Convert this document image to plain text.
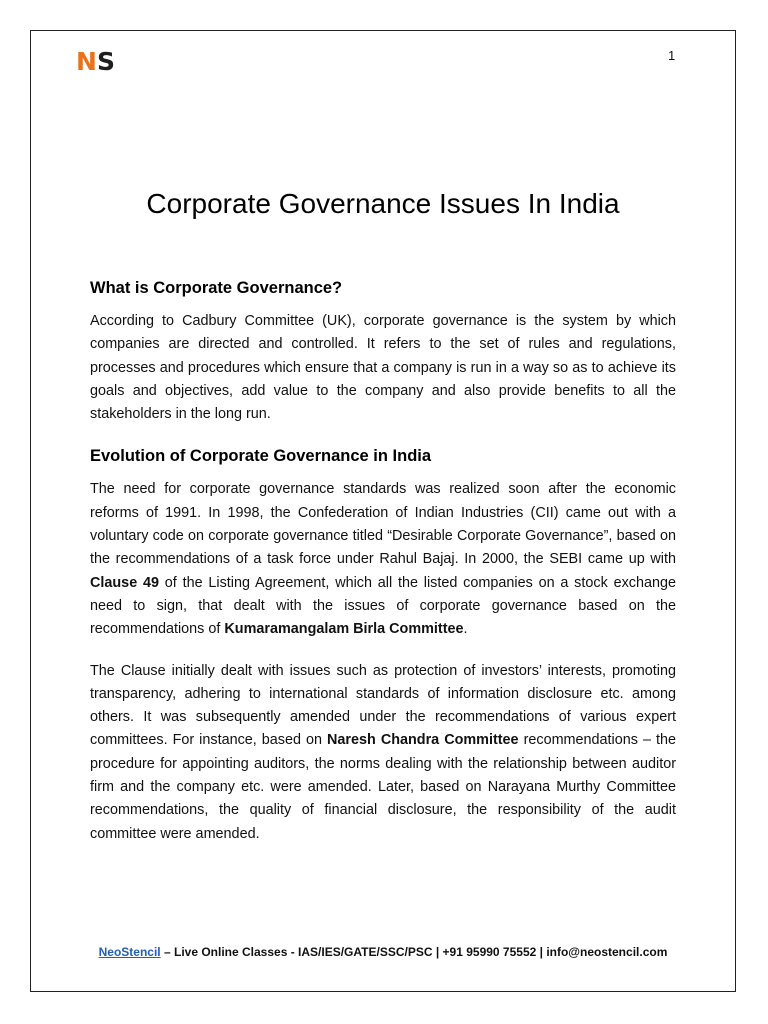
NS	1
Corporate Governance Issues In India
What is Corporate Governance?

According to Cadbury Committee (UK), corporate governance is the system by which companies are directed and controlled. It refers to the set of rules and regulations, processes and procedures which ensure that a company is run in a way so as to achieve its goals and objectives, add value to the company and also provide benefits to all the stakeholders in the long run.

Evolution of Corporate Governance in India

The need for corporate governance standards was realized soon after the economic reforms of 1991. In 1998, the Confederation of Indian Industries (CII) came out with a voluntary code on corporate governance titled “Desirable Corporate Governance”, based on the recommendations of a task force under Rahul Bajaj. In 2000, the SEBI came up with Clause 49 of the Listing Agreement, which all the listed companies on a stock exchange need to sign, that dealt with the issues of corporate governance based on the recommendations of Kumaramangalam Birla Committee.

The Clause initially dealt with issues such as protection of investors’ interests, promoting transparency, adhering to international standards of information disclosure etc. among others. It was subsequently amended under the recommendations of various expert committees. For instance, based on Naresh Chandra Committee recommendations – the procedure for appointing auditors, the norms dealing with the relationship between auditor firm and the company etc. were amended. Later, based on Narayana Murthy Committee recommendations, the quality of financial disclosure, the responsibility of the audit committee were amended.

NeoStencil – Live Online Classes - IAS/IES/GATE/SSC/PSC | +91 95990 75552 | info@neostencil.com
